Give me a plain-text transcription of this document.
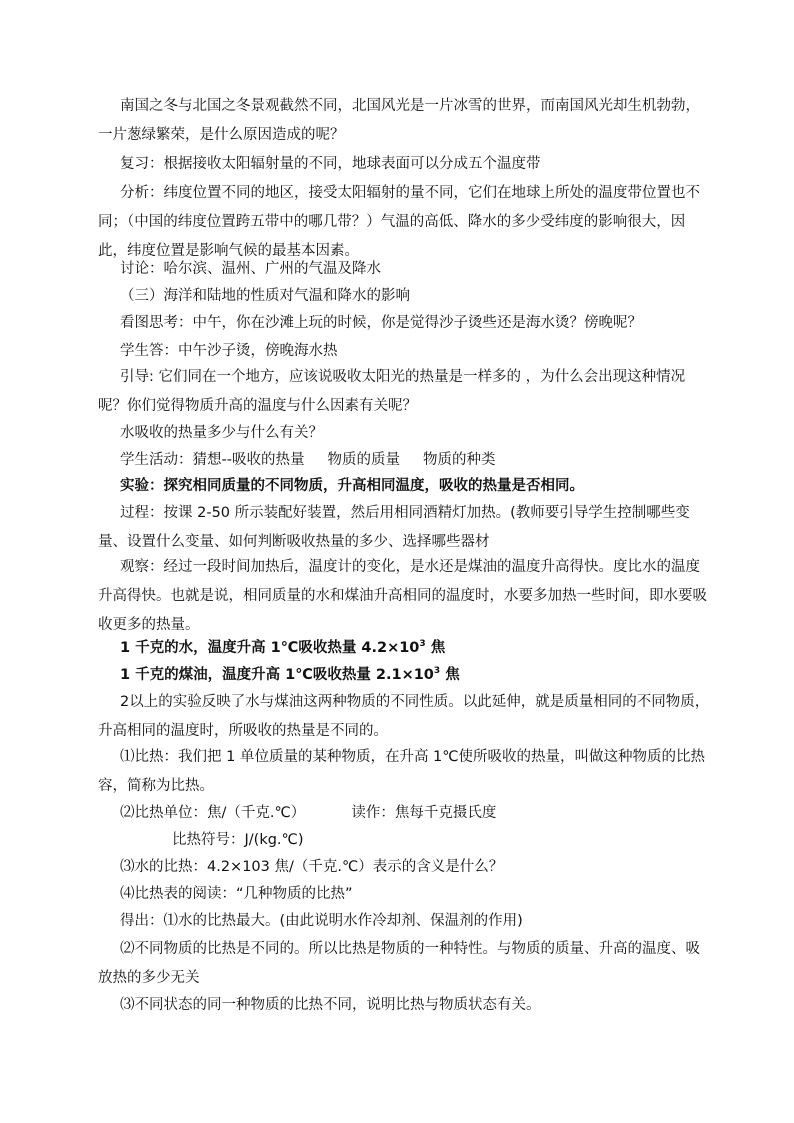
南国之冬与北国之冬景观截然不同，北国风光是一片冰雪的世界，而南国风光却生机勃勃，一片葱绿繁荣，是什么原因造成的呢？

复习：根据接收太阳辐射量的不同，地球表面可以分成五个温度带

分析：纬度位置不同的地区，接受太阳辐射的量不同，它们在地球上所处的温度带位置也不同；（中国的纬度位置跨五带中的哪几带？）气温的高低、降水的多少受纬度的影响很大，因此，纬度位置是影响气候的最基本因素。

讨论：哈尔滨、温州、广州的气温及降水

（三）海洋和陆地的性质对气温和降水的影响

看图思考：中午，你在沙滩上玩的时候，你是觉得沙子烫些还是海水烫？傍晚呢？

学生答：中午沙子烫，傍晚海水热

引导: 它们同在一个地方，应该说吸收太阳光的热量是一样多的 ，为什么会出现这种情况呢？你们觉得物质升高的温度与什么因素有关呢？

水吸收的热量多少与什么有关？

学生活动：猜想--吸收的热量     物质的质量     物质的种类

实验：探究相同质量的不同物质，升高相同温度，吸收的热量是否相同。

过程：按课 2-50 所示装配好装置，然后用相同酒精灯加热。(教师要引导学生控制哪些变量、设置什么变量、如何判断吸收热量的多少、选择哪些器材

观察：经过一段时间加热后，温度计的变化，是水还是煤油的温度升高得快。度比水的温度升高得快。也就是说，相同质量的水和煤油升高相同的温度时，水要多加热一些时间，即水要吸收更多的热量。

1 千克的水，温度升高 1℃吸收热量 $4.2\times 10^3$ 焦

1 千克的煤油，温度升高 1℃吸收热量 $2.1\times 10^3$ 焦

2以上的实验反映了水与煤油这两种物质的不同性质。以此延伸，就是质量相同的不同物质，升高相同的温度时，所吸收的热量是不同的。

⑴比热：我们把 1 单位质量的某种物质，在升高 1℃使所吸收的热量，叫做这种物质的比热容，简称为比热。

⑵比热单位：焦/（千克.℃）          读作：焦每千克摄氏度

比热符号：J/(kg.℃)

⑶水的比热：4.2×103 焦/（千克.℃）表示的含义是什么？

⑷比热表的阅读：“几种物质的比热”

得出：⑴水的比热最大。(由此说明水作冷却剂、保温剂的作用)

⑵不同物质的比热是不同的。所以比热是物质的一种特性。与物质的质量、升高的温度、吸放热的多少无关

⑶不同状态的同一种物质的比热不同，说明比热与物质状态有关。
